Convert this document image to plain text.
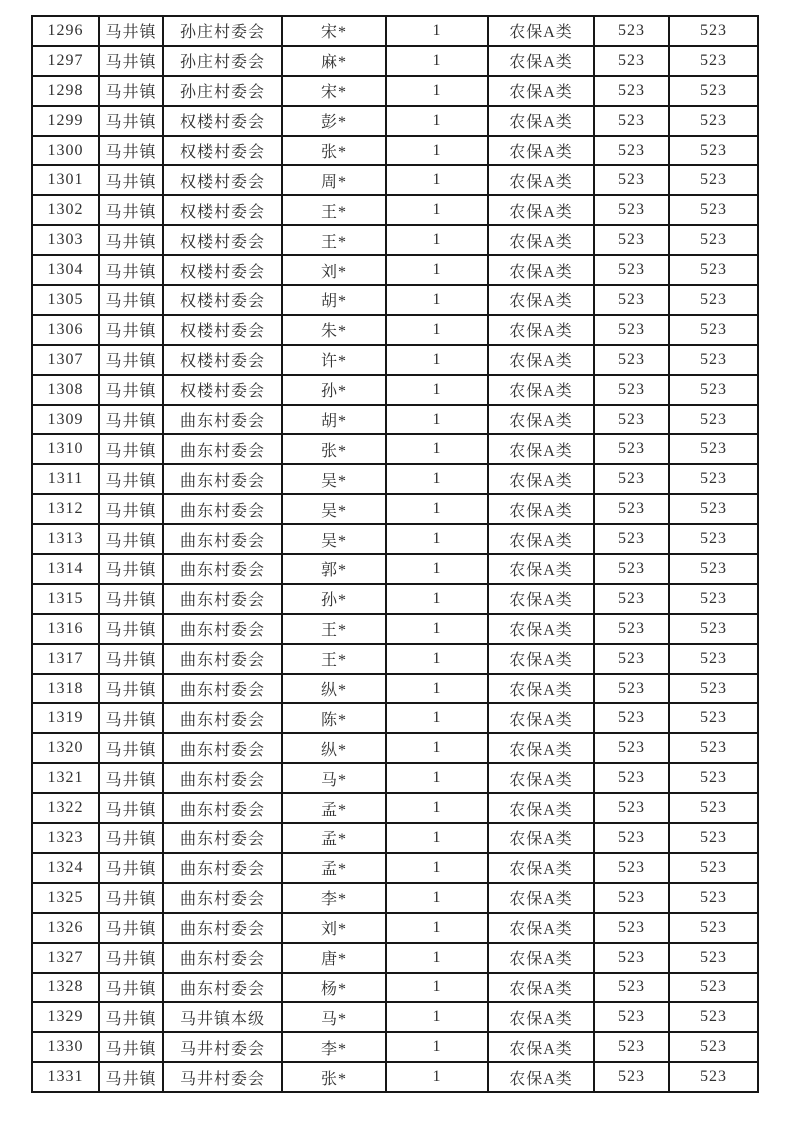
1296	马井镇	孙庄村委会	宋*	1	农保A类	523	523
1297	马井镇	孙庄村委会	麻*	1	农保A类	523	523
1298	马井镇	孙庄村委会	宋*	1	农保A类	523	523
1299	马井镇	权楼村委会	彭*	1	农保A类	523	523
1300	马井镇	权楼村委会	张*	1	农保A类	523	523
1301	马井镇	权楼村委会	周*	1	农保A类	523	523
1302	马井镇	权楼村委会	王*	1	农保A类	523	523
1303	马井镇	权楼村委会	王*	1	农保A类	523	523
1304	马井镇	权楼村委会	刘*	1	农保A类	523	523
1305	马井镇	权楼村委会	胡*	1	农保A类	523	523
1306	马井镇	权楼村委会	朱*	1	农保A类	523	523
1307	马井镇	权楼村委会	许*	1	农保A类	523	523
1308	马井镇	权楼村委会	孙*	1	农保A类	523	523
1309	马井镇	曲东村委会	胡*	1	农保A类	523	523
1310	马井镇	曲东村委会	张*	1	农保A类	523	523
1311	马井镇	曲东村委会	吴*	1	农保A类	523	523
1312	马井镇	曲东村委会	吴*	1	农保A类	523	523
1313	马井镇	曲东村委会	吴*	1	农保A类	523	523
1314	马井镇	曲东村委会	郭*	1	农保A类	523	523
1315	马井镇	曲东村委会	孙*	1	农保A类	523	523
1316	马井镇	曲东村委会	王*	1	农保A类	523	523
1317	马井镇	曲东村委会	王*	1	农保A类	523	523
1318	马井镇	曲东村委会	纵*	1	农保A类	523	523
1319	马井镇	曲东村委会	陈*	1	农保A类	523	523
1320	马井镇	曲东村委会	纵*	1	农保A类	523	523
1321	马井镇	曲东村委会	马*	1	农保A类	523	523
1322	马井镇	曲东村委会	孟*	1	农保A类	523	523
1323	马井镇	曲东村委会	孟*	1	农保A类	523	523
1324	马井镇	曲东村委会	孟*	1	农保A类	523	523
1325	马井镇	曲东村委会	李*	1	农保A类	523	523
1326	马井镇	曲东村委会	刘*	1	农保A类	523	523
1327	马井镇	曲东村委会	唐*	1	农保A类	523	523
1328	马井镇	曲东村委会	杨*	1	农保A类	523	523
1329	马井镇	马井镇本级	马*	1	农保A类	523	523
1330	马井镇	马井村委会	李*	1	农保A类	523	523
1331	马井镇	马井村委会	张*	1	农保A类	523	523
